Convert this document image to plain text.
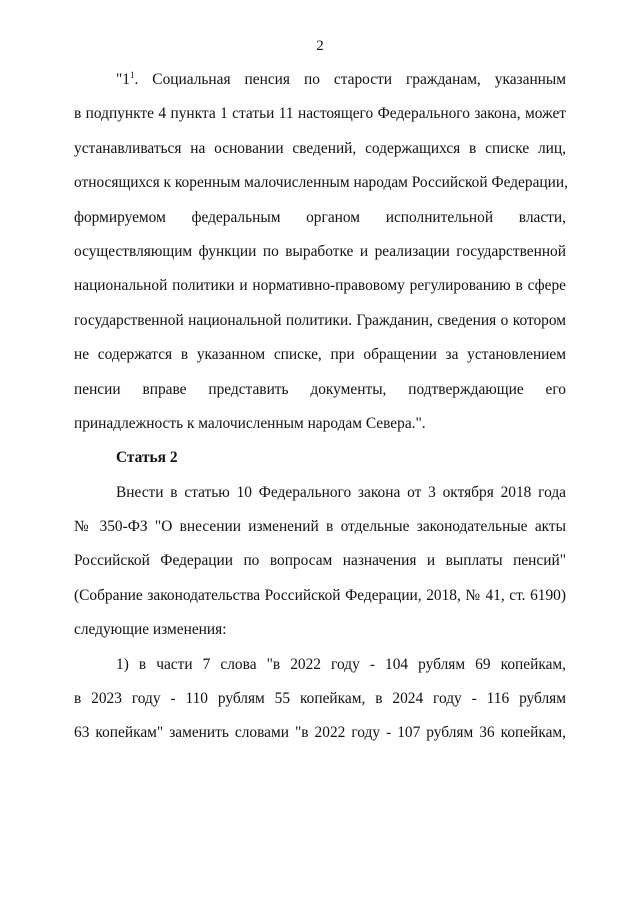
2
"$1^1$. Социальная пенсия по старости гражданам, указанным
в подпункте 4 пункта 1 статьи 11 настоящего Федерального закона, может
устанавливаться на основании сведений, содержащихся в списке лиц,
относящихся к коренным малочисленным народам Российской Федерации,
формируемом федеральным органом исполнительной власти,
осуществляющим функции по выработке и реализации государственной
национальной политики и нормативно-правовому регулированию в сфере
государственной национальной политики. Гражданин, сведения о котором
не содержатся в указанном списке, при обращении за установлением
пенсии вправе представить документы, подтверждающие его
принадлежность к малочисленным народам Севера.".
Статья 2
Внести в статью 10 Федерального закона от 3 октября 2018 года
№ 350-ФЗ "О внесении изменений в отдельные законодательные акты
Российской Федерации по вопросам назначения и выплаты пенсий"
(Собрание законодательства Российской Федерации, 2018, № 41, ст. 6190)
следующие изменения:
1) в части 7 слова "в 2022 году - 104 рублям 69 копейкам,
в 2023 году - 110 рублям 55 копейкам, в 2024 году - 116 рублям
63 копейкам" заменить словами "в 2022 году - 107 рублям 36 копейкам,
